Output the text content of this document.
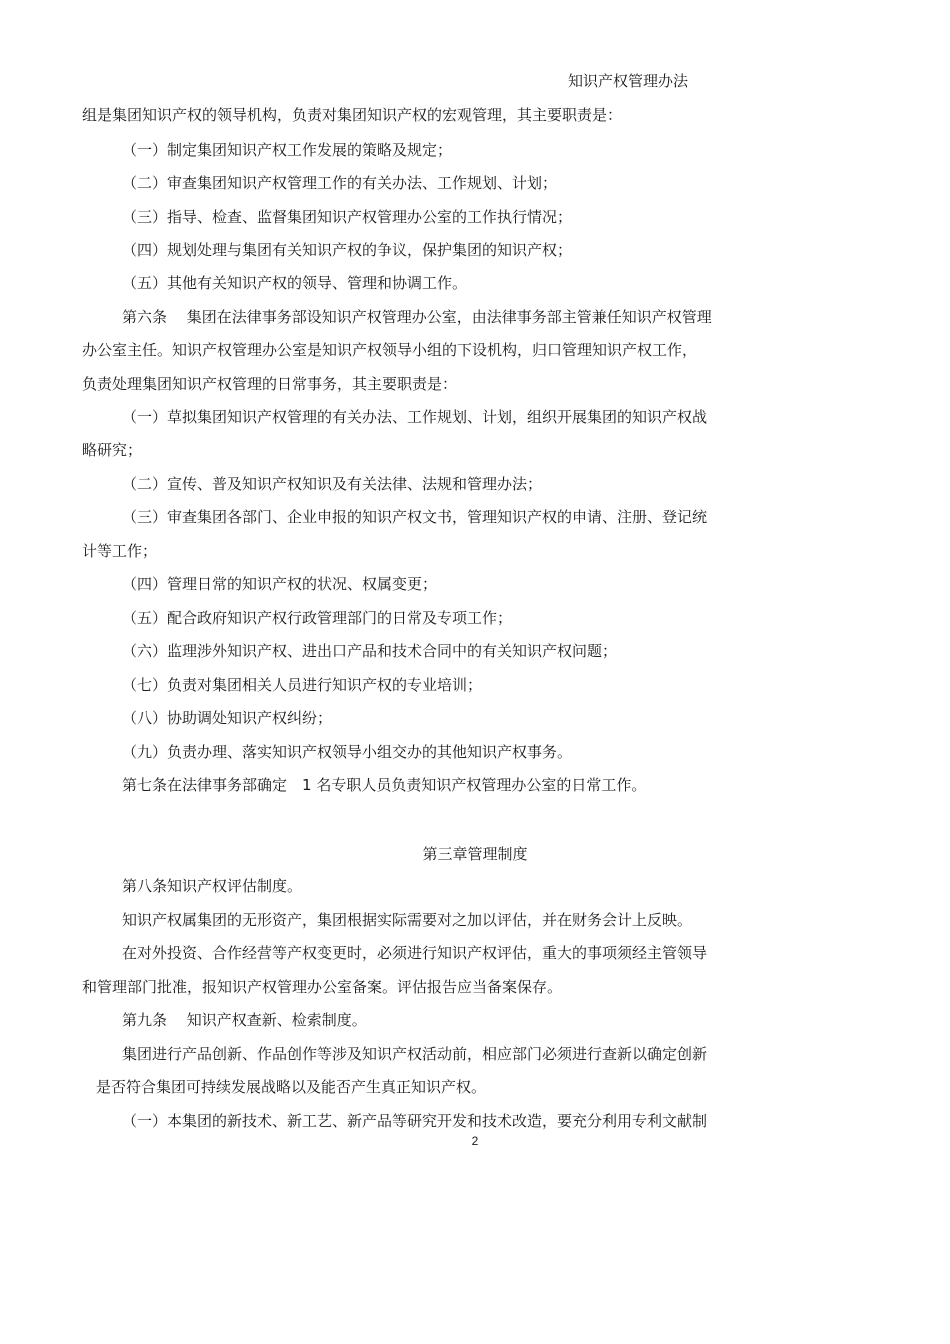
知识产权管理办法
组是集团知识产权的领导机构，负责对集团知识产权的宏观管理，其主要职责是：
（一）制定集团知识产权工作发展的策略及规定；
（二）审查集团知识产权管理工作的有关办法、工作规划、计划；
（三）指导、检查、监督集团知识产权管理办公室的工作执行情况；
（四）规划处理与集团有关知识产权的争议，保护集团的知识产权；
（五）其他有关知识产权的领导、管理和协调工作。
第六条　 集团在法律事务部设知识产权管理办公室，由法律事务部主管兼任知识产权管理
办公室主任。知识产权管理办公室是知识产权领导小组的下设机构，归口管理知识产权工作，
负责处理集团知识产权管理的日常事务，其主要职责是：
（一）草拟集团知识产权管理的有关办法、工作规划、计划，组织开展集团的知识产权战
略研究；
（二）宣传、普及知识产权知识及有关法律、法规和管理办法；
（三）审查集团各部门、企业申报的知识产权文书，管理知识产权的申请、注册、登记统
计等工作；
（四）管理日常的知识产权的状况、权属变更；
（五）配合政府知识产权行政管理部门的日常及专项工作；
（六）监理涉外知识产权、进出口产品和技术合同中的有关知识产权问题；
（七）负责对集团相关人员进行知识产权的专业培训；
（八）协助调处知识产权纠纷；
（九）负责办理、落实知识产权领导小组交办的其他知识产权事务。
第七条在法律事务部确定　1 名专职人员负责知识产权管理办公室的日常工作。
第三章管理制度
第八条知识产权评估制度。
知识产权属集团的无形资产，集团根据实际需要对之加以评估，并在财务会计上反映。
在对外投资、合作经营等产权变更时，必须进行知识产权评估，重大的事项须经主管领导
和管理部门批准，报知识产权管理办公室备案。评估报告应当备案保存。
第九条　 知识产权查新、检索制度。
集团进行产品创新、作品创作等涉及知识产权活动前，相应部门必须进行查新以确定创新
是否符合集团可持续发展战略以及能否产生真正知识产权。
（一）本集团的新技术、新工艺、新产品等研究开发和技术改造，要充分利用专利文献制
2
